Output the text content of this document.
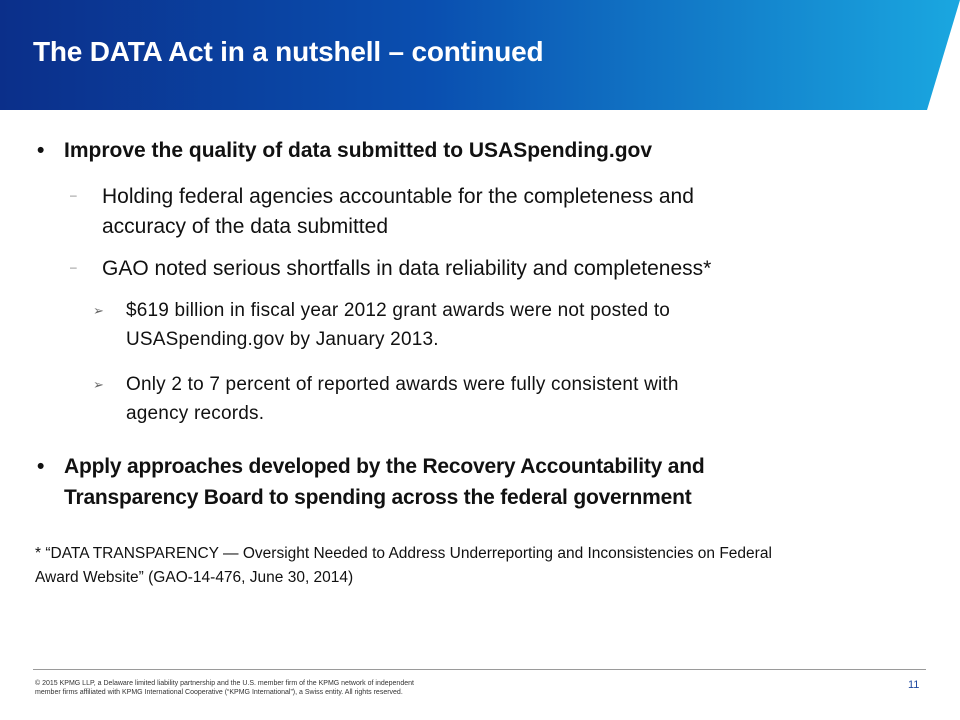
The DATA Act in a nutshell – continued
• Improve the quality of data submitted to USASpending.gov
– Holding federal agencies accountable for the completeness and
accuracy of the data submitted
– GAO noted serious shortfalls in data reliability and completeness*
➢ $619 billion in fiscal year 2012 grant awards were not posted to
USASpending.gov by January 2013.
➢ Only 2 to 7 percent of reported awards were fully consistent with
agency records.
• Apply approaches developed by the Recovery Accountability and
Transparency Board to spending across the federal government
* “DATA TRANSPARENCY — Oversight Needed to Address Underreporting and Inconsistencies on Federal
Award Website” (GAO-14-476, June 30, 2014)
© 2015 KPMG LLP, a Delaware limited liability partnership and the U.S. member firm of the KPMG network of independent
member firms affiliated with KPMG International Cooperative (“KPMG International”), a Swiss entity. All rights reserved.
11
